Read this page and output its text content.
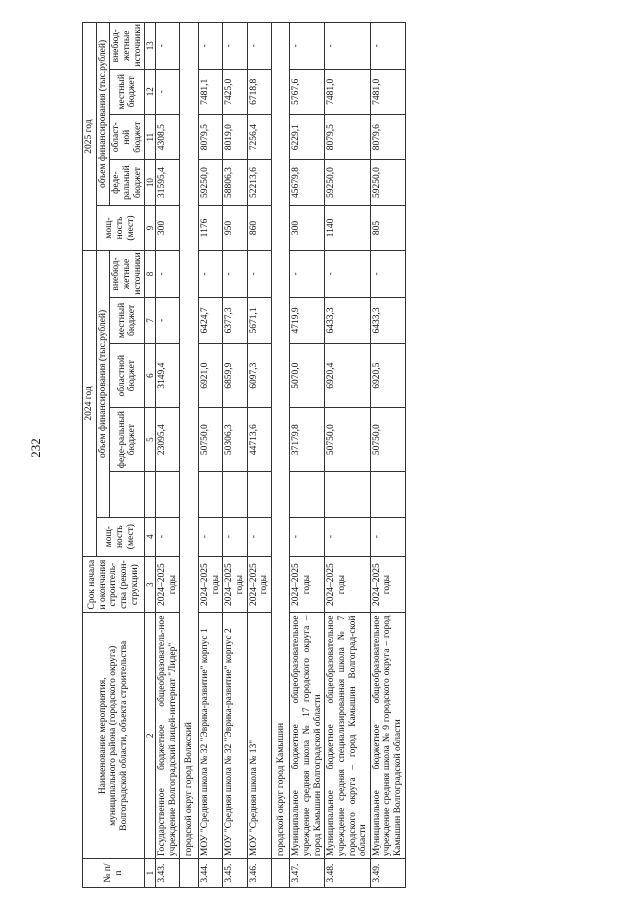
232
№ п/п	Наименование мероприятия, муниципального района (городского округа) Волгоградской области, объекта строительства	Срок начала и окончания строитель-ства (рекон-струкции)	2024 год						2025 год				
			мощ-ность (мест)	объем финансирования (тыс.рублей)					мощ-ность (мест)	объем финансирования (тыс.рублей)			
					феде-ральный бюджет	областной бюджет	местный бюджет	внебюд-жетные источники		феде-ральный бюджет	област-ной бюджет	местный бюджет	внебюд-жетные источники
1	2	3	4		5	6	7	8	9	10	11	12	13
3.43.	Государственное бюджетное общеобразователь-ное учреждение Волгоградский лицей-интернат "Лидер"	2024–2025 годы	-		23095,4	3149,4	-	-	300	31595,4	4308,5	-	-
	городской округ город Волжский												
3.44.	МОУ "Средняя школа № 32 "Эврика-развитие" корпус 1	2024–2025 годы	-		50750,0	6921,0	6424,7	-	1176	59250,0	8079,5	7481,1	-
3.45.	МОУ "Средняя школа № 32 "Эврика-развитие" корпус 2	2024–2025 годы	-		50306,3	6859,9	6377,3	-	950	58806,3	8019,0	7425,0	-
3.46.	МОУ "Средняя школа № 13"	2024–2025 годы	-		44713,6	6097,3	5671,1	-	860	52213,6	7256,4	6718,8	-
	городской округ город Камышин												
3.47.	Муниципальное бюджетное общеобразовательное учреждение средняя школа № 17 городского округа – город Камышин Волгоградской области	2024–2025 годы	-		37179,8	5070,0	4719,9	-	300	45679,8	6229,1	5767,6	-
3.48.	Муниципальное бюджетное общеобразовательное учреждение средняя специализированная школа № 7 городского округа – город Камышин Волгоград-ской области	2024–2025 годы	-		50750,0	6920,4	6433,3	-	1140	59250,0	8079,5	7481,0	-
3.49.	Муниципальное бюджетное общеобразовательное учреждение средняя школа № 9 городского округа – город Камышин Волгоградской области	2024–2025 годы	-		50750,0	6920,5	6433,3	-	805	59250,0	8079,6	7481,0	-
